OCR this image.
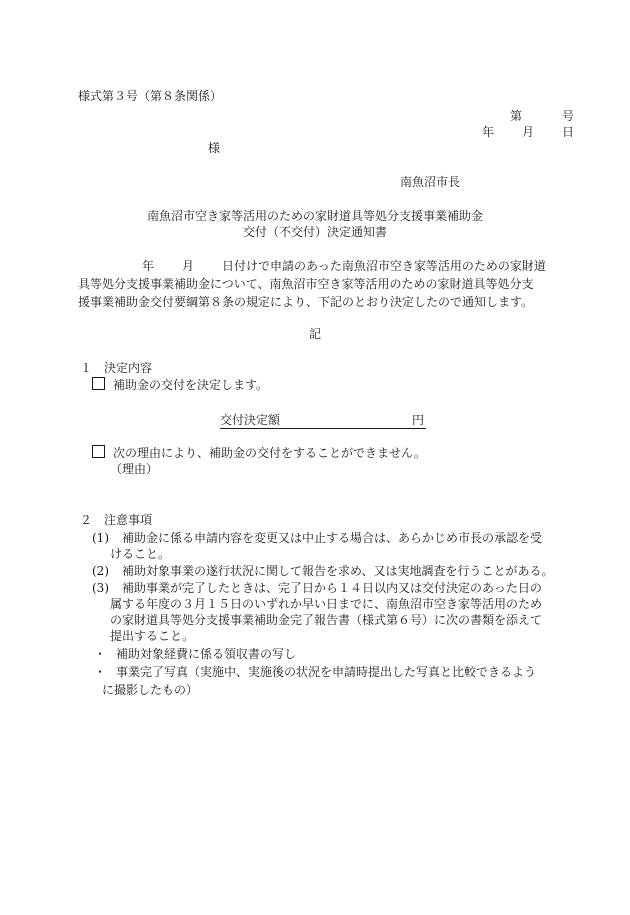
様式第３号（第８条関係）
第	号
年 月 日
様
南魚沼市長
南魚沼市空き家等活用のための家財道具等処分支援事業補助金
交付（不交付）決定通知書
年 月 日付けで申請のあった南魚沼市空き家等活用のための家財道
具等処分支援事業補助金について、南魚沼市空き家等活用のための家財道具等処分支
援事業補助金交付要綱第８条の規定により、下記のとおり決定したので通知します。
記
１　決定内容
補助金の交付を決定します。
交付決定額	円
次の理由により、補助金の交付をすることができません。
（理由）
２　注意事項
(1) 補助金に係る申請内容を変更又は中止する場合は、あらかじめ市長の承認を受
けること。
(2) 補助対象事業の遂行状況に関して報告を求め、又は実地調査を行うことがある。
(3) 補助事業が完了したときは、完了日から１４日以内又は交付決定のあった日の
属する年度の３月１５日のいずれか早い日までに、南魚沼市空き家等活用のため
の家財道具等処分支援事業補助金完了報告書（様式第６号）に次の書類を添えて
提出すること。
・ 補助対象経費に係る領収書の写し
・ 事業完了写真（実施中、実施後の状況を申請時提出した写真と比較できるよう
に撮影したもの）
